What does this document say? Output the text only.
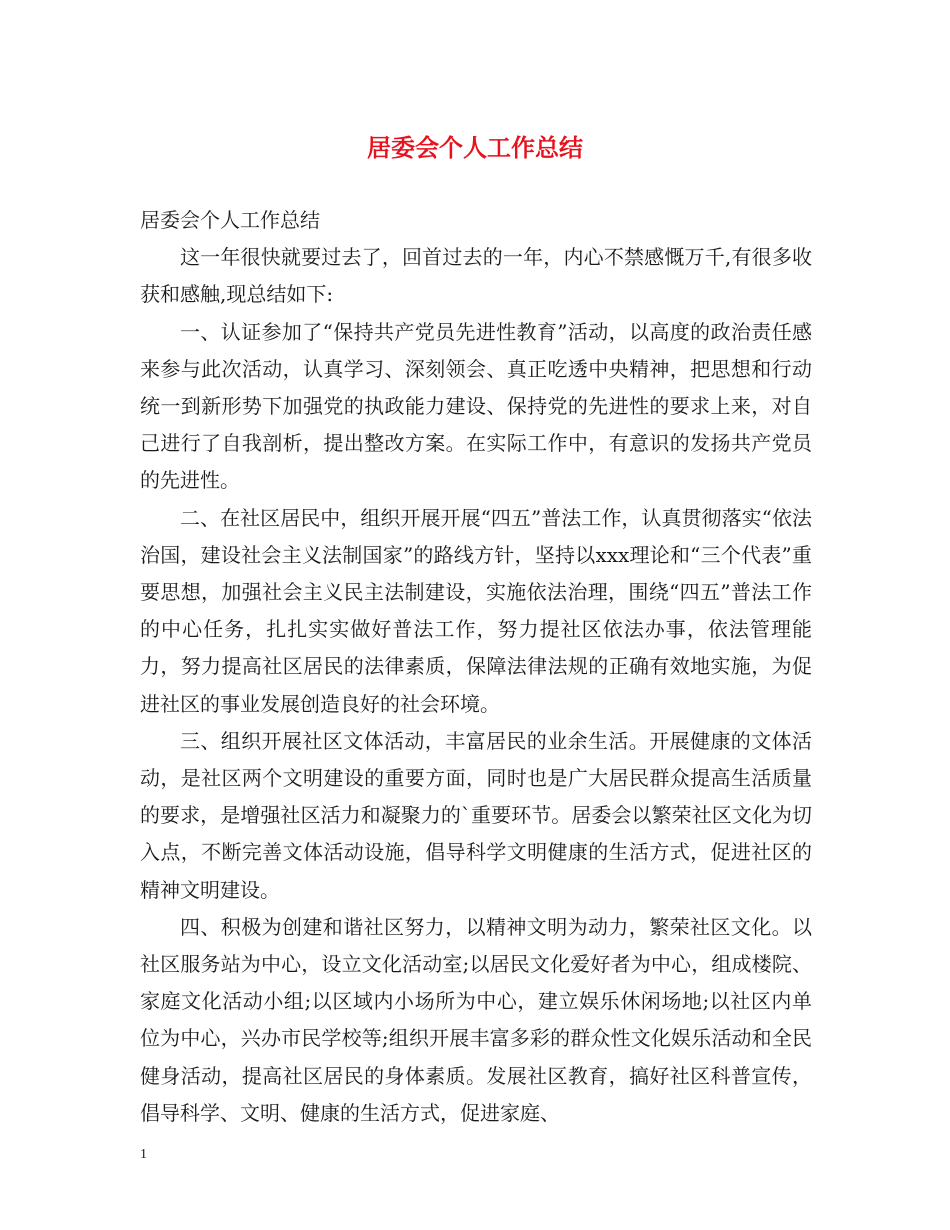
居委会个人工作总结

居委会个人工作总结

这一年很快就要过去了，回首过去的一年，内心不禁感慨万千,有很多收获和感触,现总结如下:

一、认证参加了“保持共产党员先进性教育”活动，以高度的政治责任感来参与此次活动，认真学习、深刻领会、真正吃透中央精神，把思想和行动统一到新形势下加强党的执政能力建设、保持党的先进性的要求上来，对自己进行了自我剖析，提出整改方案。在实际工作中，有意识的发扬共产党员的先进性。

二、在社区居民中，组织开展开展“四五”普法工作，认真贯彻落实“依法治国，建设社会主义法制国家”的路线方针，坚持以xxx理论和“三个代表”重要思想，加强社会主义民主法制建设，实施依法治理，围绕“四五”普法工作的中心任务，扎扎实实做好普法工作，努力提社区依法办事，依法管理能力，努力提高社区居民的法律素质，保障法律法规的正确有效地实施，为促进社区的事业发展创造良好的社会环境。

三、组织开展社区文体活动，丰富居民的业余生活。开展健康的文体活动，是社区两个文明建设的重要方面，同时也是广大居民群众提高生活质量的要求，是增强社区活力和凝聚力的`重要环节。居委会以繁荣社区文化为切入点，不断完善文体活动设施，倡导科学文明健康的生活方式，促进社区的精神文明建设。

四、积极为创建和谐社区努力，以精神文明为动力，繁荣社区文化。以社区服务站为中心，设立文化活动室;以居民文化爱好者为中心，组成楼院、家庭文化活动小组;以区域内小场所为中心，建立娱乐休闲场地;以社区内单位为中心，兴办市民学校等;组织开展丰富多彩的群众性文化娱乐活动和全民健身活动，提高社区居民的身体素质。发展社区教育，搞好社区科普宣传，倡导科学、文明、健康的生活方式，促进家庭、

1
